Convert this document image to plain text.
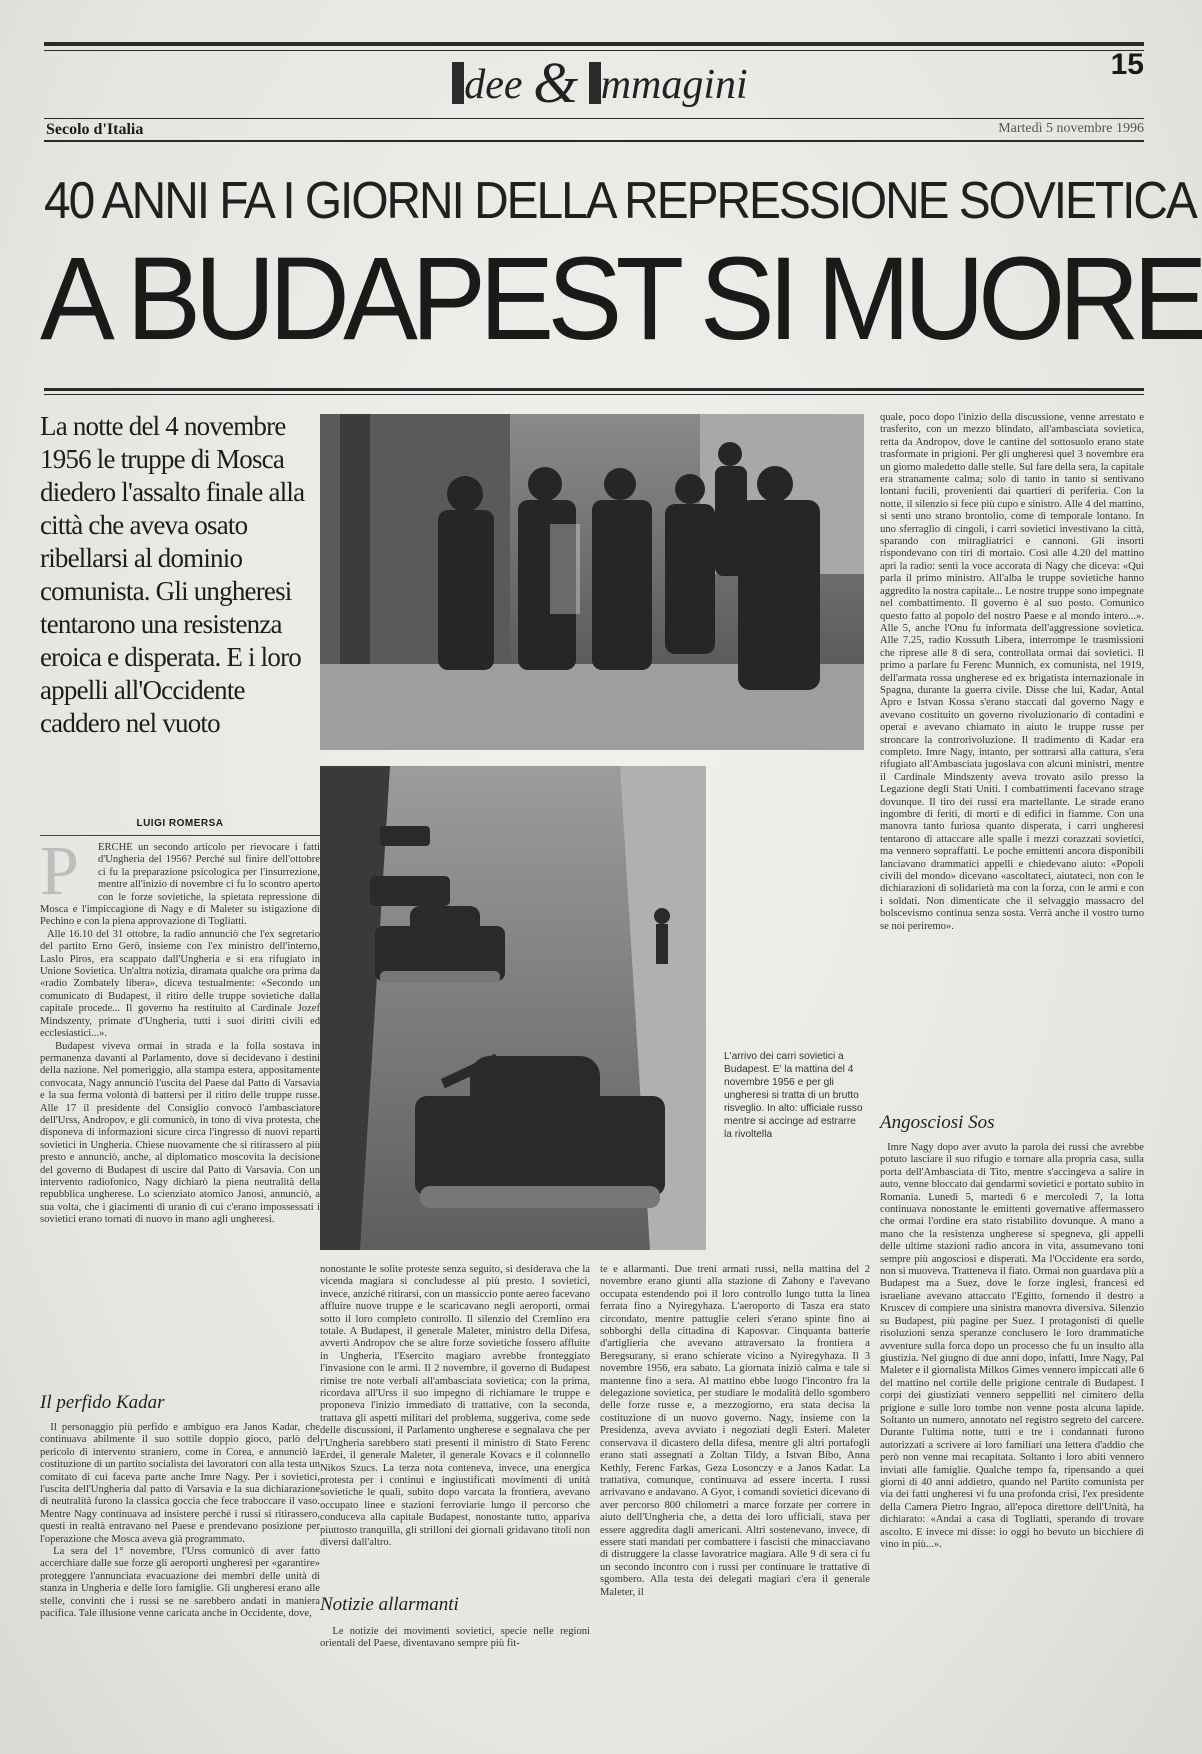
dee & mmagini	15
Secolo d'Italia	Martedì 5 novembre 1996
40 ANNI FA I GIORNI DELLA REPRESSIONE SOVIETICA
A BUDAPEST SI MUORE
La notte del 4 novembre 1956 le truppe di Mosca diedero l'assalto finale alla città che aveva osato ribellarsi al dominio comunista. Gli ungheresi tentarono una resistenza eroica e disperata. E i loro appelli all'Occidente caddero nel vuoto
LUIGI ROMERSA
P	ERCHÉ un secondo articolo per rievocare i fatti d'Ungheria del 1956? Perché sul finire dell'ottobre ci fu la preparazione psicologica per l'insurrezione, mentre all'inizio di novembre ci fu lo scontro aperto con le forze sovietiche, la spietata repressione di Mosca e l'impiccagione di Nagy e di Maleter su istigazione di Pechino e con la piena approvazione di Togliatti.
Alle 16.10 del 31 ottobre, la radio annunciò che l'ex segretario del partito Erno Gerö, insieme con l'ex ministro dell'interno, Laslo Piros, era scappato dall'Ungheria e si era rifugiato in Unione Sovietica. Un'altra notizia, diramata qualche ora prima da «radio Zombately libera», diceva testualmente: «Secondo un comunicato di Budapest, il ritiro delle truppe sovietiche dalla capitale procede... Il governo ha restituito al Cardinale Jozef Mindszenty, primate d'Ungheria, tutti i suoi diritti civili ed ecclesiastici...».
Budapest viveva ormai in strada e la folla sostava in permanenza davanti al Parlamento, dove si decidevano i destini della nazione. Nel pomeriggio, alla stampa estera, appositamente convocata, Nagy annunciò l'uscita del Paese dal Patto di Varsavia e la sua ferma volontà di battersi per il ritiro delle truppe russe. Alle 17 il presidente del Consiglio convocò l'ambasciatore dell'Urss, Andropov, e gli comunicò, in tono di viva protesta, che disponeva di informazioni sicure circa l'ingresso di nuovi reparti sovietici in Ungheria. Chiese nuovamente che si ritirassero al più presto e annunciò, anche, al diplomatico moscovita la decisione del governo di Budapest di uscire dal Patto di Varsavia. Con un intervento radiofonico, Nagy dichiarò la piena neutralità della repubblica ungherese. Lo scienziato atomico Janosi, annunciò, a sua volta, che i giacimenti di uranio di cui c'erano impossessati i sovietici erano tornati di nuovo in mano agli ungheresi.
Il perfido Kadar
Il personaggio più perfido e ambiguo era Janos Kadar, che continuava abilmente il suo sottile doppio gioco, parlò del pericolo di intervento straniero, come in Corea, e annunciò la costituzione di un partito socialista dei lavoratori con alla testa un comitato di cui faceva parte anche Imre Nagy. Per i sovietici, l'uscita dell'Ungheria dal patto di Varsavia e la sua dichiarazione di neutralità furono la classica goccia che fece traboccare il vaso. Mentre Nagy continuava ad insistere perché i russi si ritirassero, questi in realtà entravano nel Paese e prendevano posizione per l'operazione che Mosca aveva già programmato.
La sera del 1° novembre, l'Urss comunicò di aver fatto accerchiare dalle sue forze gli aeroporti ungheresi per «garantire» proteggere l'annunciata evacuazione dei membri delle unità di stanza in Ungheria e delle loro famiglie. Gli ungheresi erano alle stelle, convinti che i russi se ne sarebbero andati in maniera pacifica. Tale illusione venne caricata anche in Occidente, dove,
L'arrivo dei carri sovietici a Budapest. E' la mattina del 4 novembre 1956 e per gli ungheresi si tratta di un brutto risveglio. In alto: ufficiale russo mentre si accinge ad estrarre la rivoltella
nonostante le solite proteste senza seguito, si desiderava che la vicenda magiara si concludesse al più presto. I sovietici, invece, anziché ritirarsi, con un massiccio ponte aereo facevano affluire nuove truppe e le scaricavano negli aeroporti, ormai sotto il loro completo controllo. Il silenzio del Cremlino era totale. A Budapest, il generale Maleter, ministro della Difesa, avvertì Andropov che se altre forze sovietiche fossero affluite in Ungheria, l'Esercito magiaro avrebbe fronteggiato l'invasione con le armi. Il 2 novembre, il governo di Budapest rimise tre note verbali all'ambasciata sovietica; con la prima, ricordava all'Urss il suo impegno di richiamare le truppe e proponeva l'inizio immediato di trattative, con la seconda, trattava gli aspetti militari del problema, suggeriva, come sede delle discussioni, il Parlamento ungherese e segnalava che per l'Ungheria sarebbero stati presenti il ministro di Stato Ferenc Erdei, il generale Maleter, il generale Kovacs e il colonnello Nikos Szucs. La terza nota conteneva, invece, una energica protesta per i continui e ingiustificati movimenti di unità sovietiche le quali, subito dopo varcata la frontiera, avevano occupato linee e stazioni ferroviarie lungo il percorso che conduceva alla capitale Budapest, nonostante tutto, appariva piuttosto tranquilla, gli strilloni dei giornali gridavano titoli non diversi dall'altro.
Notizie allarmanti
Le notizie dei movimenti sovietici, specie nelle regioni orientali del Paese, diventavano sempre più fit-
te e allarmanti. Due treni armati russi, nella mattina del 2 novembre erano giunti alla stazione di Zahony e l'avevano occupata estendendo poi il loro controllo lungo tutta la linea ferrata fino a Nyiregyhaza. L'aeroporto di Tasza era stato circondato, mentre pattuglie celeri s'erano spinte fino ai sobborghi della cittadina di Kaposvar. Cinquanta batterie d'artiglieria che avevano attraversato la frontiera a Beregsurany, si erano schierate vicino a Nyiregyhaza. Il 3 novembre 1956, era sabato. La giornata iniziò calma e tale si mantenne fino a sera. Al mattino ebbe luogo l'incontro fra la delegazione sovietica, per studiare le modalità dello sgombero delle forze russe e, a mezzogiorno, era stata decisa la costituzione di un nuovo governo. Nagy, insieme con la Presidenza, aveva avviato i negoziati degli Esteri. Maleter conservava il dicastero della difesa, mentre gli altri portafogli erano stati assegnati a Zoltan Tildy, a Istvan Bibo, Anna Kethly, Ferenc Farkas, Geza Losonczy e a Janos Kadar. La trattativa, comunque, continuava ad essere incerta. I russi arrivavano e andavano. A Gyor, i comandi sovietici dicevano di aver percorso 800 chilometri a marce forzate per correre in aiuto dell'Ungheria che, a detta dei loro ufficiali, stava per essere aggredita dagli americani. Altri sostenevano, invece, di essere stati mandati per combattere i fascisti che minacciavano di distruggere la classe lavoratrice magiara. Alle 9 di sera ci fu un secondo incontro con i russi per continuare le trattative di sgombero. Alla testa dei delegati magiari c'era il generale Maleter, il
quale, poco dopo l'inizio della discussione, venne arrestato e trasferito, con un mezzo blindato, all'ambasciata sovietica, retta da Andropov, dove le cantine del sottosuolo erano state trasformate in prigioni. Per gli ungheresi quel 3 novembre era un giorno maledetto dalle stelle. Sul fare della sera, la capitale era stranamente calma; solo di tanto in tanto si sentivano lontani fucili, provenienti dai quartieri di periferia. Con la notte, il silenzio si fece più cupo e sinistro. Alle 4 del mattino, si sentì uno strano brontolio, come di temporale lontano. In uno sferraglìo di cingoli, i carri sovietici investivano la città, sparando con mitragliatrici e cannoni. Gli insorti rispondevano con tiri di mortaio. Così alle 4.20 del mattino aprì la radio: sentì la voce accorata di Nagy che diceva: «Qui parla il primo ministro. All'alba le truppe sovietiche hanno aggredito la nostra capitale... Le nostre truppe sono impegnate nel combattimento. Il governo è al suo posto. Comunico questo fatto al popolo del nostro Paese e al mondo intero...». Alle 5, anche l'Onu fu informata dell'aggressione sovietica. Alle 7.25, radio Kossuth Libera, interrompe le trasmissioni che riprese alle 8 di sera, controllata ormai dai sovietici. Il primo a parlare fu Ferenc Munnich, ex comunista, nel 1919, dell'armata rossa ungherese ed ex brigatista internazionale in Spagna, durante la guerra civile. Disse che lui, Kadar, Antal Apro e Istvan Kossa s'erano staccati dal governo Nagy e avevano costituito un governo rivoluzionario di contadini e operai e avevano chiamato in aiuto le truppe russe per stroncare la controrivoluzione. Il tradimento di Kadar era completo. Imre Nagy, intanto, per sottrarsi alla cattura, s'era rifugiato all'Ambasciata jugoslava con alcuni ministri, mentre il Cardinale Mindszenty aveva trovato asilo presso la Legazione degli Stati Uniti. I combattimenti facevano strage dovunque. Il tiro dei russi era martellante. Le strade erano ingombre di feriti, di morti e di edifici in fiamme. Con una manovra tanto furiosa quanto disperata, i carri ungheresi tentarono di attaccare alle spalle i mezzi corazzati sovietici, ma vennero sopraffatti. Le poche emittenti ancora disponibili lanciavano drammatici appelli e chiedevano aiuto: «Popoli civili del mondo» dicevano «ascoltateci, aiutateci, non con le dichiarazioni di solidarietà ma con la forza, con le armi e con i soldati. Non dimenticate che il selvaggio massacro del bolscevismo continua senza sosta. Verrà anche il vostro turno se noi periremo».
Angosciosi Sos
Imre Nagy dopo aver avuto la parola dei russi che avrebbe potuto lasciare il suo rifugio e tornare alla propria casa, sulla porta dell'Ambasciata di Tito, mentre s'accingeva a salire in auto, venne bloccato dai gendarmi sovietici e portato subito in Romania. Lunedì 5, martedì 6 e mercoledì 7, la lotta continuava nonostante le emittenti governative affermassero che ormai l'ordine era stato ristabilito dovunque. A mano a mano che la resistenza ungherese si spegneva, gli appelli delle ultime stazioni radio ancora in vita, assumevano toni sempre più angosciosi e disperati. Ma l'Occidente era sordo, non si muoveva. Tratteneva il fiato. Ormai non guardava più a Budapest ma a Suez, dove le forze inglesi, francesi ed israeliane avevano attaccato l'Egitto, fornendo il destro a Kruscev di compiere una sinistra manovra diversiva. Silenzio su Budapest, più pagine per Suez. I protagonisti di quelle risoluzioni senza speranze conclusero le loro drammatiche avventure sulla forca dopo un processo che fu un insulto alla giustizia. Nel giugno di due anni dopo, infatti, Imre Nagy, Pal Maleter e il giornalista Milkos Gimes vennero impiccati alle 6 del mattino nel cortile delle prigione centrale di Budapest. I corpi dei giustiziati vennero seppelliti nel cimitero della prigione e sulle loro tombe non venne posta alcuna lapide. Soltanto un numero, annotato nel registro segreto del carcere. Durante l'ultima notte, tutti e tre i condannati furono autorizzati a scrivere ai loro familiari una lettera d'addio che però non venne mai recapitata. Soltanto i loro abiti vennero inviati alle famiglie. Qualche tempo fa, ripensando a quei giorni di 40 anni addietro, quando nel Partito comunista per via dei fatti ungheresi vi fu una profonda crisi, l'ex presidente della Camera Pietro Ingrao, all'epoca direttore dell'Unità, ha dichiarato: «Andai a casa di Togliatti, sperando di trovare ascolto. E invece mi disse: io oggi ho bevuto un bicchiere di vino in più...».
